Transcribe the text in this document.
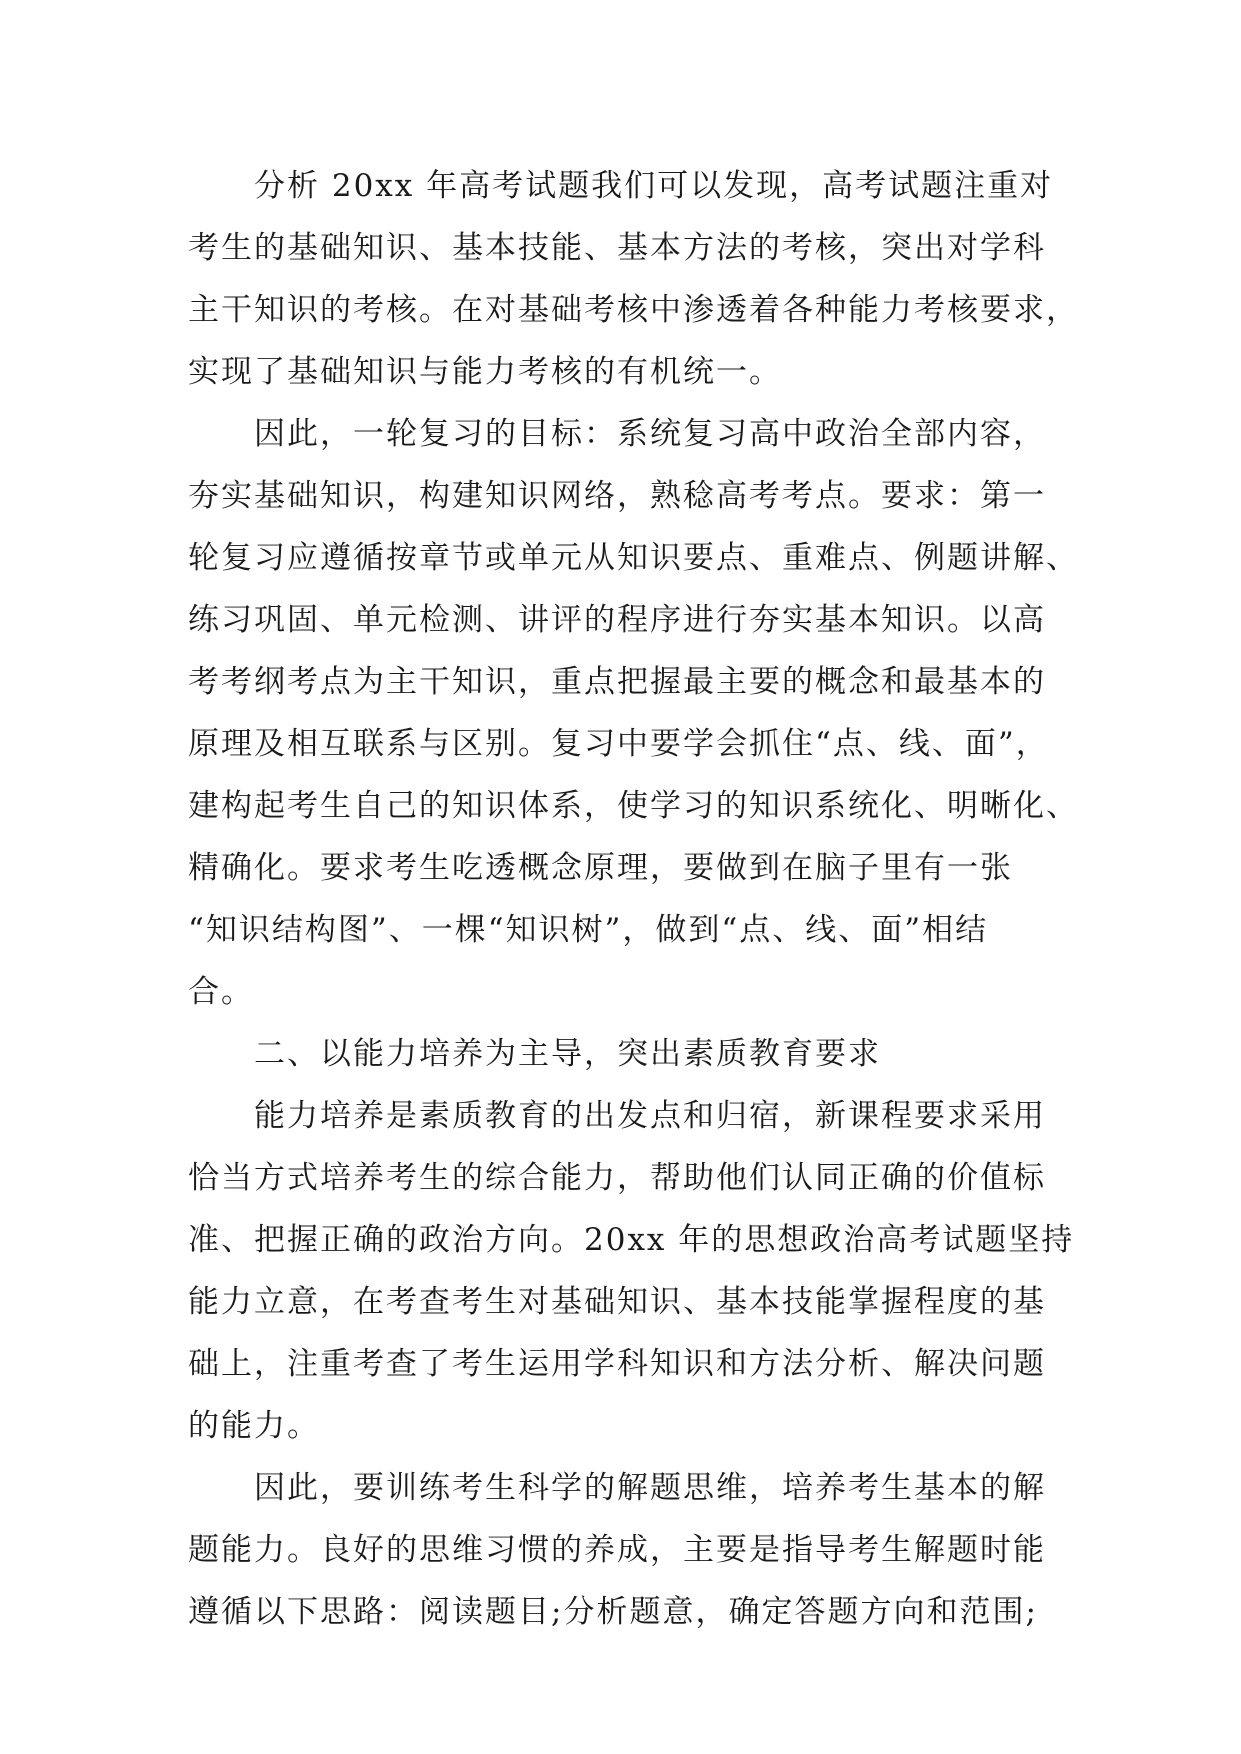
分析 20xx 年高考试题我们可以发现，高考试题注重对
考生的基础知识、基本技能、基本方法的考核，突出对学科
主干知识的考核。在对基础考核中渗透着各种能力考核要求，
实现了基础知识与能力考核的有机统一。
因此，一轮复习的目标：系统复习高中政治全部内容，
夯实基础知识，构建知识网络，熟稔高考考点。要求：第一
轮复习应遵循按章节或单元从知识要点、重难点、例题讲解、
练习巩固、单元检测、讲评的程序进行夯实基本知识。以高
考考纲考点为主干知识，重点把握最主要的概念和最基本的
原理及相互联系与区别。复习中要学会抓住“点、线、面”，
建构起考生自己的知识体系，使学习的知识系统化、明晰化、
精确化。要求考生吃透概念原理，要做到在脑子里有一张
“知识结构图”、一棵“知识树”，做到“点、线、面”相结
合。
二、以能力培养为主导，突出素质教育要求
能力培养是素质教育的出发点和归宿，新课程要求采用
恰当方式培养考生的综合能力，帮助他们认同正确的价值标
准、把握正确的政治方向。20xx 年的思想政治高考试题坚持
能力立意，在考查考生对基础知识、基本技能掌握程度的基
础上，注重考查了考生运用学科知识和方法分析、解决问题
的能力。
因此，要训练考生科学的解题思维，培养考生基本的解
题能力。良好的思维习惯的养成，主要是指导考生解题时能
遵循以下思路：阅读题目;分析题意，确定答题方向和范围;
